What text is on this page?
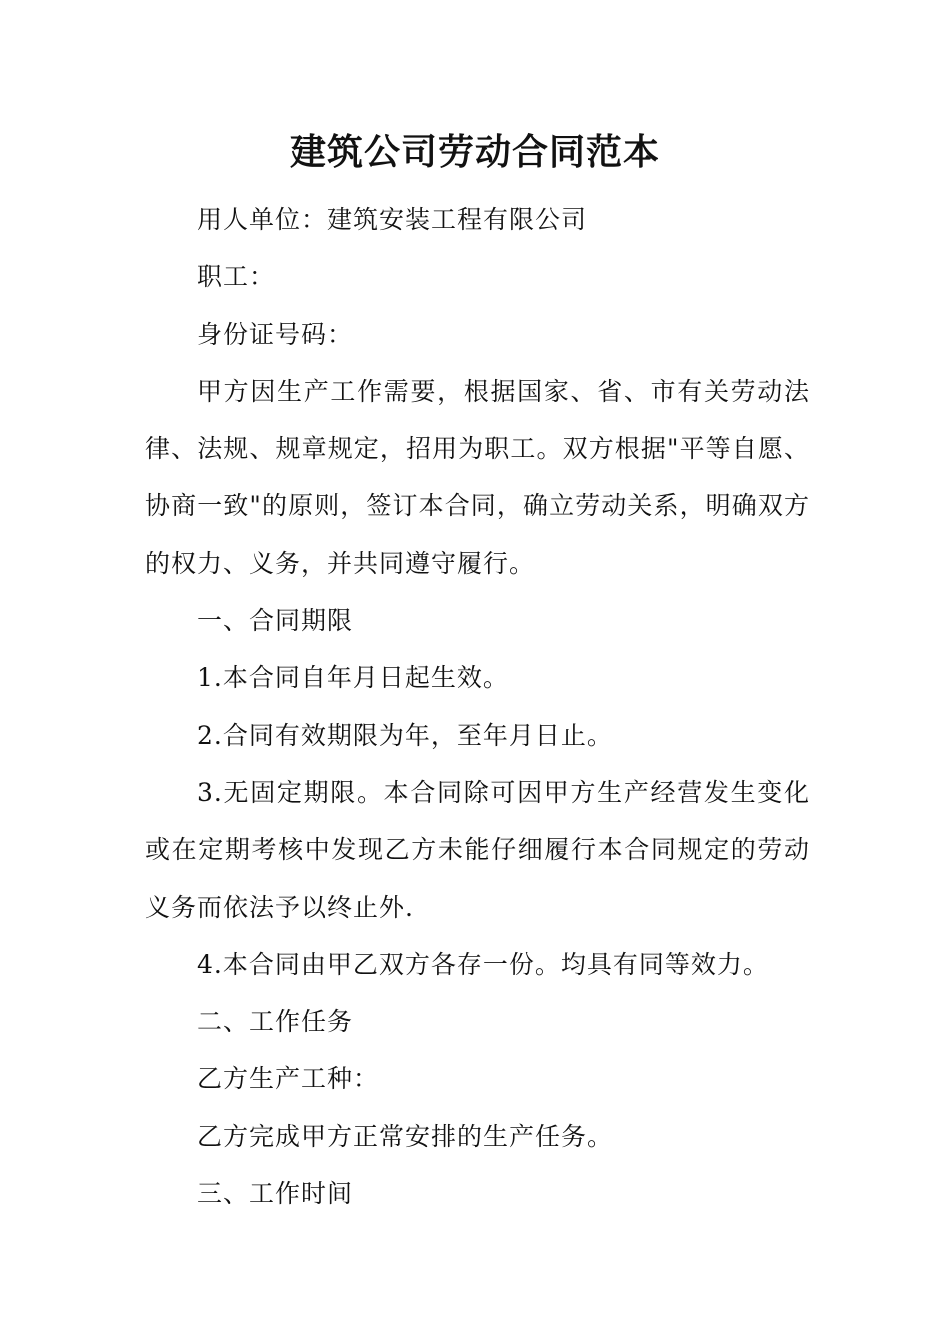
建筑公司劳动合同范本

用人单位：建筑安装工程有限公司

职工：

身份证号码：

甲方因生产工作需要，根据国家、省、市有关劳动法律、法规、规章规定，招用为职工。双方根据"平等自愿、协商一致"的原则，签订本合同，确立劳动关系，明确双方的权力、义务，并共同遵守履行。

一、合同期限

1.本合同自年月日起生效。

2.合同有效期限为年，至年月日止。

3.无固定期限。本合同除可因甲方生产经营发生变化或在定期考核中发现乙方未能仔细履行本合同规定的劳动义务而依法予以终止外.

4.本合同由甲乙双方各存一份。均具有同等效力。

二、工作任务

乙方生产工种：

乙方完成甲方正常安排的生产任务。

三、工作时间
